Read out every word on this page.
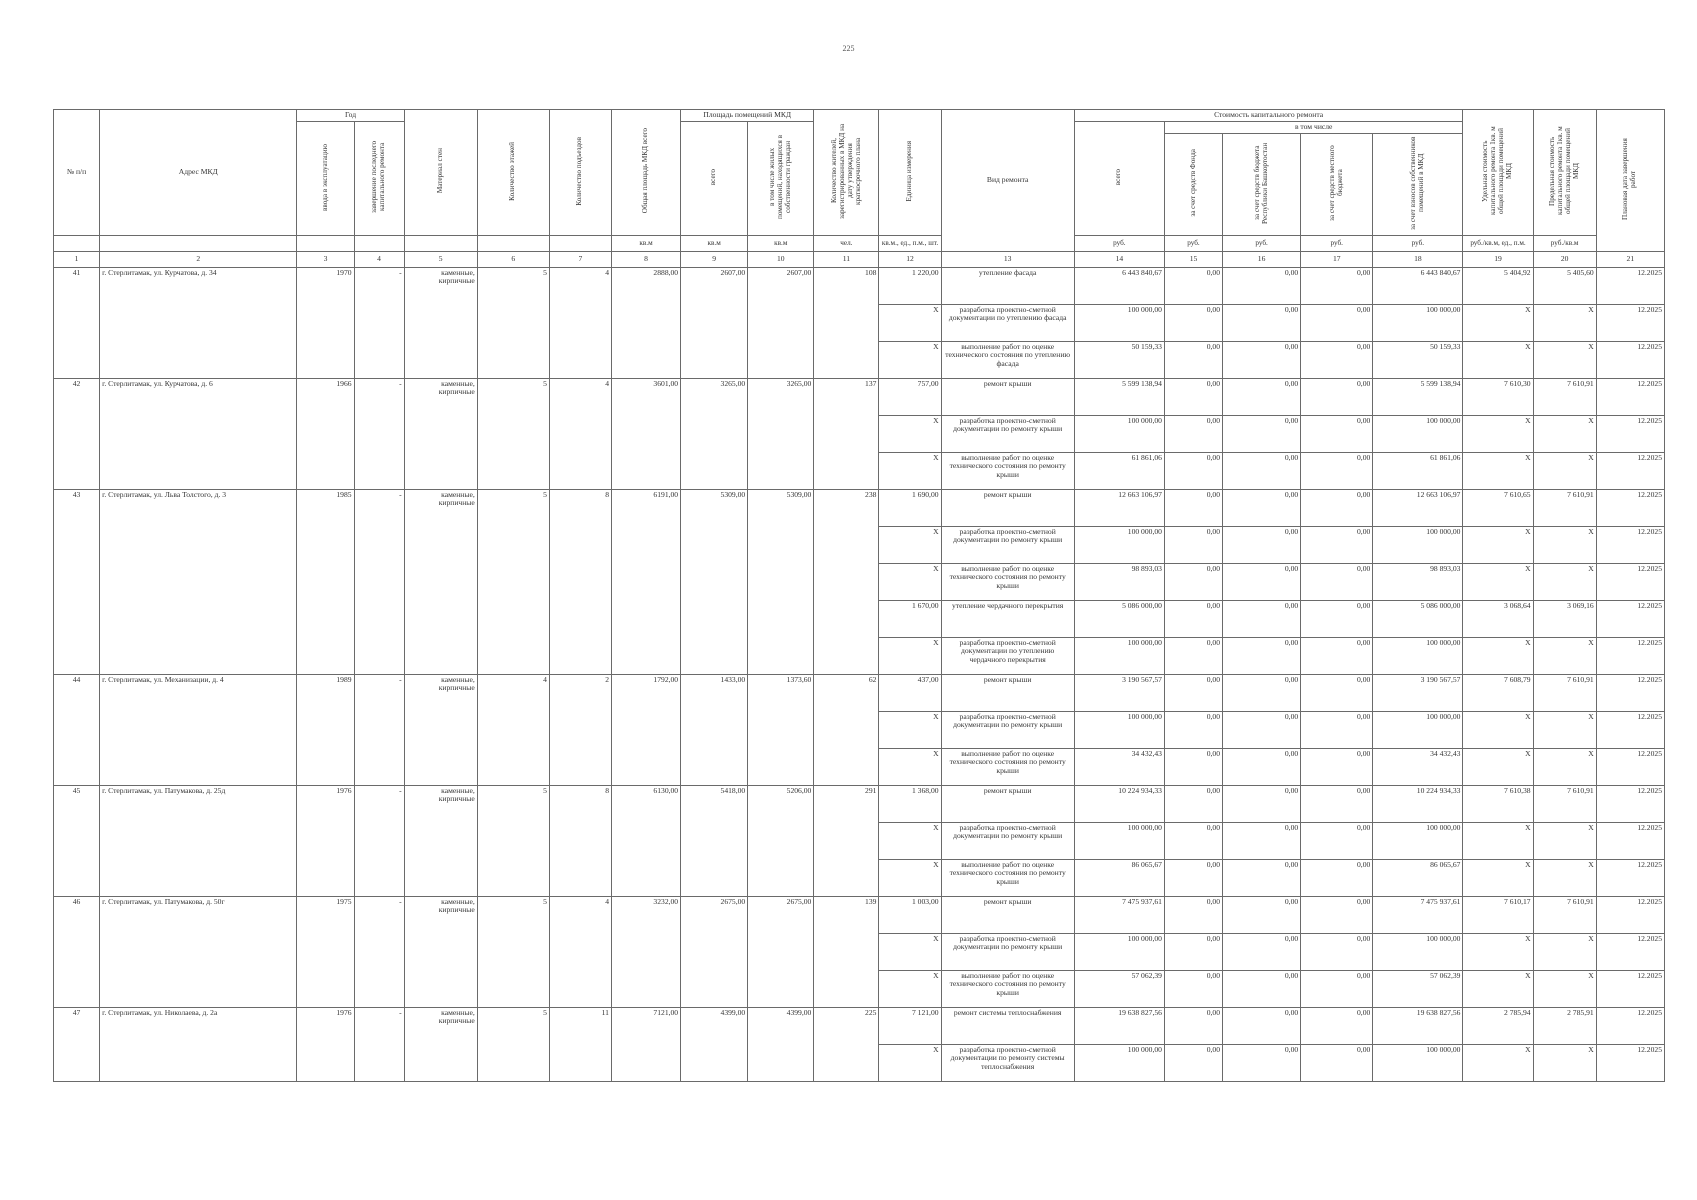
225
№ п/п	Адрес МКД	Год		Материал стен	Количество этажей	Количество подъездов	Общая площадь МКД всего	Площадь помещений МКД		Количество жителей, зарегистрированных в МКД на дату утверждения краткосрочного плана	Единица измерения	Вид ремонта	Стоимость капитального ремонта					Удельная стоимость капитального ремонта 1кв. м общей площади помещений МКД	Предельная стоимость капитального ремонта 1кв. м общей площади помещений МКД	Плановая дата завершения работ
		ввода в эксплуатацию	завершение последнего капитального ремонта					всего	в том числе жилых помещений, находящихся в собственности граждан				всего	в том числе						
														за счет средств Фонда	за счет средств бюджета Республики Башкортостан	за счет средств местного бюджета	за счет взносов собственников помещений в МКД			
							кв.м	кв.м	кв.м	чел.	кв.м., ед., п.м., шт.		руб.	руб.	руб.	руб.	руб.	руб./кв.м, ед., п.м.	руб./кв.м	
1	2	3	4	5	6	7	8	9	10	11	12	13	14	15	16	17	18	19	20	21
41	г. Стерлитамак, ул. Курчатова, д. 34	1970	-	каменные, кирпичные	5	4	2888,00	2607,00	2607,00	108	1 220,00	утепление фасада	6 443 840,67	0,00	0,00	0,00	6 443 840,67	5 404,92	5 405,60	12.2025
											X	разработка проектно-сметной документации по утеплению фасада	100 000,00	0,00	0,00	0,00	100 000,00	X	X	12.2025
											X	выполнение работ по оценке технического состояния по утеплению фасада	50 159,33	0,00	0,00	0,00	50 159,33	X	X	12.2025
42	г. Стерлитамак, ул. Курчатова, д. 6	1966	-	каменные, кирпичные	5	4	3601,00	3265,00	3265,00	137	757,00	ремонт крыши	5 599 138,94	0,00	0,00	0,00	5 599 138,94	7 610,30	7 610,91	12.2025
											X	разработка проектно-сметной документации по ремонту крыши	100 000,00	0,00	0,00	0,00	100 000,00	X	X	12.2025
											X	выполнение работ по оценке технического состояния по ремонту крыши	61 861,06	0,00	0,00	0,00	61 861,06	X	X	12.2025
43	г. Стерлитамак, ул. Льва Толстого, д. 3	1985	-	каменные, кирпичные	5	8	6191,00	5309,00	5309,00	238	1 690,00	ремонт крыши	12 663 106,97	0,00	0,00	0,00	12 663 106,97	7 610,65	7 610,91	12.2025
											X	разработка проектно-сметной документации по ремонту крыши	100 000,00	0,00	0,00	0,00	100 000,00	X	X	12.2025
											X	выполнение работ по оценке технического состояния по ремонту крыши	98 893,03	0,00	0,00	0,00	98 893,03	X	X	12.2025
											1 670,00	утепление чердачного перекрытия	5 086 000,00	0,00	0,00	0,00	5 086 000,00	3 068,64	3 069,16	12.2025
											X	разработка проектно-сметной документации по утеплению чердачного перекрытия	100 000,00	0,00	0,00	0,00	100 000,00	X	X	12.2025
44	г. Стерлитамак, ул. Механизации, д. 4	1989	-	каменные, кирпичные	4	2	1792,00	1433,00	1373,60	62	437,00	ремонт крыши	3 190 567,57	0,00	0,00	0,00	3 190 567,57	7 608,79	7 610,91	12.2025
											X	разработка проектно-сметной документации по ремонту крыши	100 000,00	0,00	0,00	0,00	100 000,00	X	X	12.2025
											X	выполнение работ по оценке технического состояния по ремонту крыши	34 432,43	0,00	0,00	0,00	34 432,43	X	X	12.2025
45	г. Стерлитамак, ул. Патумакова, д. 25д	1976	-	каменные, кирпичные	5	8	6130,00	5418,00	5206,00	291	1 368,00	ремонт крыши	10 224 934,33	0,00	0,00	0,00	10 224 934,33	7 610,38	7 610,91	12.2025
											X	разработка проектно-сметной документации по ремонту крыши	100 000,00	0,00	0,00	0,00	100 000,00	X	X	12.2025
											X	выполнение работ по оценке технического состояния по ремонту крыши	86 065,67	0,00	0,00	0,00	86 065,67	X	X	12.2025
46	г. Стерлитамак, ул. Патумакова, д. 50г	1975	-	каменные, кирпичные	5	4	3232,00	2675,00	2675,00	139	1 003,00	ремонт крыши	7 475 937,61	0,00	0,00	0,00	7 475 937,61	7 610,17	7 610,91	12.2025
											X	разработка проектно-сметной документации по ремонту крыши	100 000,00	0,00	0,00	0,00	100 000,00	X	X	12.2025
											X	выполнение работ по оценке технического состояния по ремонту крыши	57 062,39	0,00	0,00	0,00	57 062,39	X	X	12.2025
47	г. Стерлитамак, ул. Николаева, д. 2а	1976	-	каменные, кирпичные	5	11	7121,00	4399,00	4399,00	225	7 121,00	ремонт системы теплоснабжения	19 638 827,56	0,00	0,00	0,00	19 638 827,56	2 785,94	2 785,91	12.2025
											X	разработка проектно-сметной документации по ремонту системы теплоснабжения	100 000,00	0,00	0,00	0,00	100 000,00	X	X	12.2025
